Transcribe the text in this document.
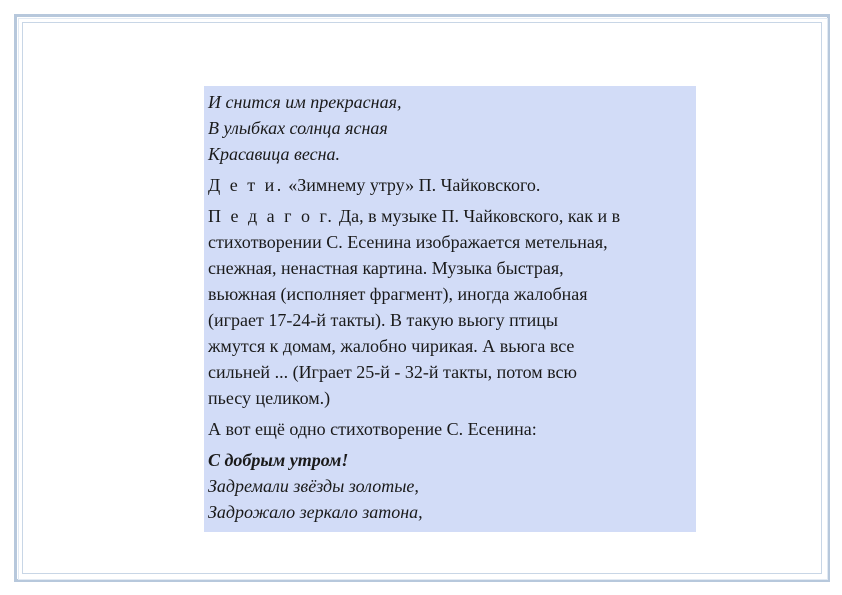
И снится им прекрасная,
В улыбках солнца ясная
Красавица весна.
Д е т и. «Зимнему утру» П. Чайковского.
П е д а г о г. Да, в музыке П. Чайковского, как и в
стихотворении С. Есенина изображается метельная,
снежная, ненастная картина. Музыка быстрая,
вьюжная (исполняет фрагмент), иногда жалобная
(играет 17-24-й такты). В такую вьюгу птицы
жмутся к домам, жалобно чирикая. А вьюга все
сильней ... (Играет 25-й - 32-й такты, потом всю
пьесу целиком.)
А вот ещё одно стихотворение С. Есенина:
С добрым утром!
Задремали звёзды золотые,
Задрожало зеркало затона,
